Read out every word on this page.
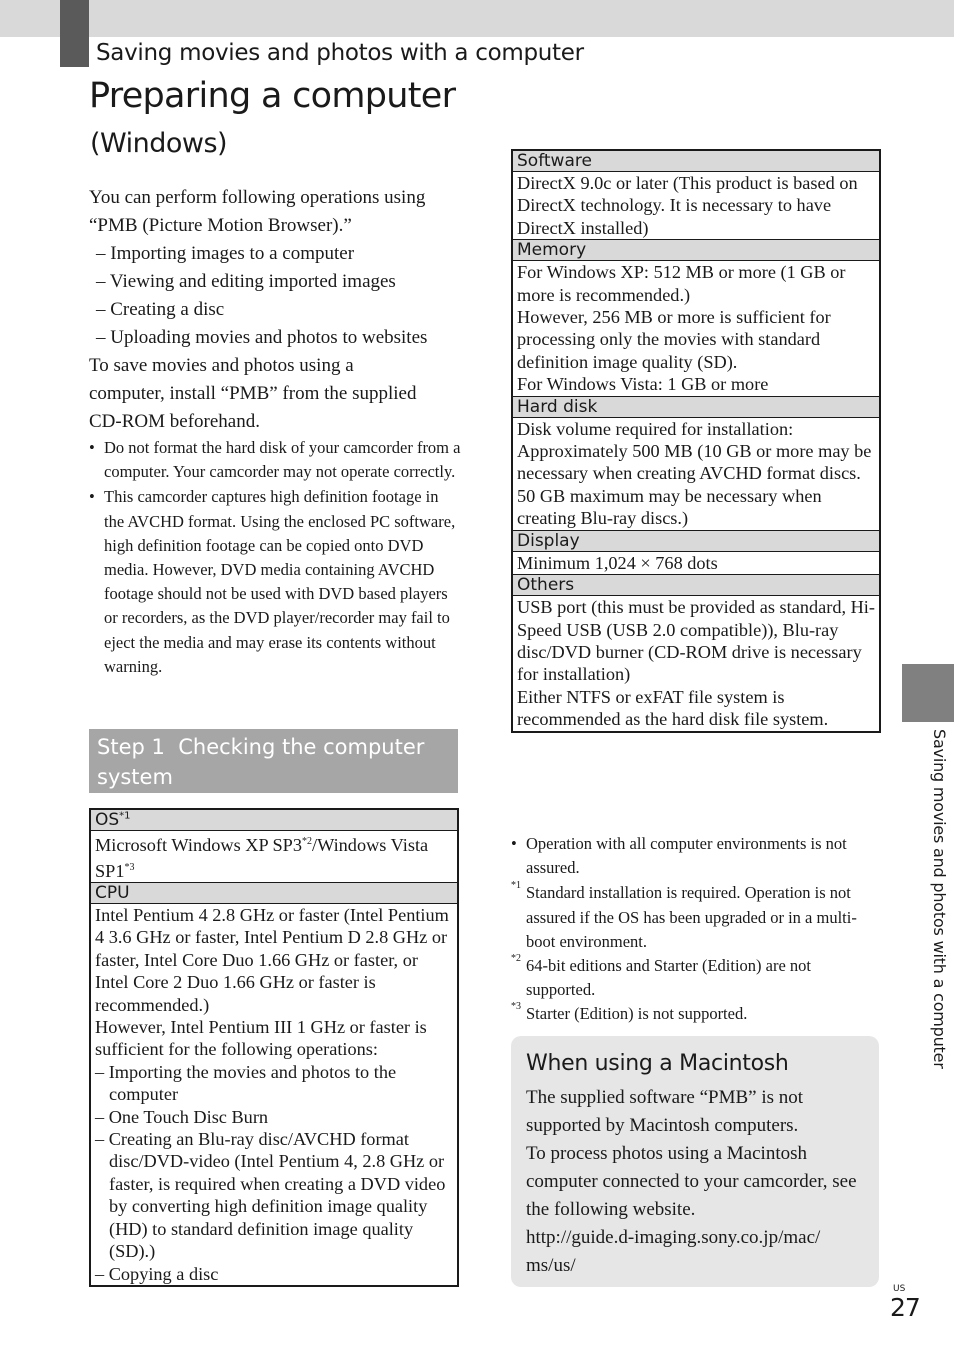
Saving movies and photos with a computer
Preparing a computer
(Windows)
You can perform following operations using
“PMB (Picture Motion Browser).”
– Importing images to a computer
– Viewing and editing imported images
– Creating a disc
– Uploading movies and photos to websites
To save movies and photos using a
computer, install “PMB” from the supplied
CD-ROM beforehand.
• Do not format the hard disk of your camcorder from a computer. Your camcorder may not operate correctly.
• This camcorder captures high definition footage in the AVCHD format. Using the enclosed PC software, high definition footage can be copied onto DVD media. However, DVD media containing AVCHD footage should not be used with DVD based players or recorders, as the DVD player/recorder may fail to eject the media and may erase its contents without warning.
Step 1 Checking the computer system
OS$^{*1}$
Microsoft Windows XP SP3$^{*2}$/Windows Vista SP1$^{*3}$
CPU

Intel Pentium 4 2.8 GHz or faster (Intel Pentium 4 3.6 GHz or faster, Intel Pentium D 2.8 GHz or faster, Intel Core Duo 1.66 GHz or faster, or Intel Core 2 Duo 1.66 GHz or faster is recommended.)
However, Intel Pentium III 1 GHz or faster is sufficient for the following operations:
– Importing the movies and photos to the computer
– One Touch Disc Burn
– Creating an Blu-ray disc/AVCHD format disc/DVD-video (Intel Pentium 4, 2.8 GHz or faster, is required when creating a DVD video by converting high definition image quality (HD) to standard definition image quality (SD).)
– Copying a disc
Software
DirectX 9.0c or later (This product is based on DirectX technology. It is necessary to have DirectX installed)
Memory

For Windows XP: 512 MB or more (1 GB or more is recommended.)
However, 256 MB or more is sufficient for processing only the movies with standard definition image quality (SD).
For Windows Vista: 1 GB or more

Hard disk
Disk volume required for installation: Approximately 500 MB (10 GB or more may be necessary when creating AVCHD format discs. 50 GB maximum may be necessary when creating Blu-ray discs.)
Display
Minimum 1,024 × 768 dots
Others

USB port (this must be provided as standard, Hi-Speed USB (USB 2.0 compatible)), Blu-ray disc/DVD burner (CD-ROM drive is necessary for installation)
Either NTFS or exFAT file system is recommended as the hard disk file system.
• Operation with all computer environments is not assured.
*1 Standard installation is required. Operation is not assured if the OS has been upgraded or in a multi-boot environment.
*2 64-bit editions and Starter (Edition) are not supported.
*3 Starter (Edition) is not supported.
When using a Macintosh
The supplied software “PMB” is not supported by Macintosh computers.
To process photos using a Macintosh computer connected to your camcorder, see the following website.
http://guide.d-imaging.sony.co.jp/mac/
ms/us/
Saving movies and photos with a computer
US
27
